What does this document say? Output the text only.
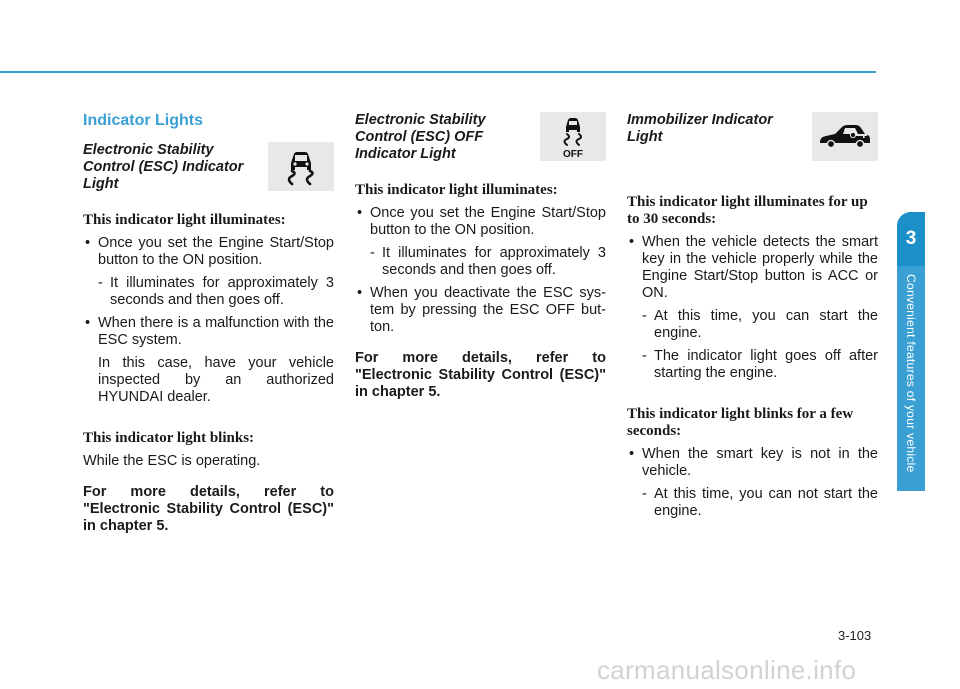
Indicator Lights
Electronic Stability Control (ESC) Indicator Light
This indicator light illuminates:
• Once you set the Engine Start/Stop button to the ON position.
- It illuminates for approximately 3 seconds and then goes off.
• When there is a malfunction with the ESC system.
In this case, have your vehicle inspected by an authorized HYUNDAI dealer.
This indicator light blinks:
While the ESC is operating.
For more details, refer to "Electronic Stability Control (ESC)" in chapter 5.
Electronic Stability Control (ESC) OFF Indicator Light	OFF
This indicator light illuminates:
• Once you set the Engine Start/Stop button to the ON position.
- It illuminates for approximately 3 seconds and then goes off.
• When you deactivate the ESC sys-tem by pressing the ESC OFF but-ton.
For more details, refer to "Electronic Stability Control (ESC)" in chapter 5.
Immobilizer Indicator Light
This indicator light illuminates for up to 30 seconds:
• When the vehicle detects the smart key in the vehicle properly while the Engine Start/Stop button is ACC or ON.
- At this time, you can start the engine.
- The indicator light goes off after starting the engine.
This indicator light blinks for a few seconds:
• When the smart key is not in the vehicle.
- At this time, you can not start the engine.
3
Convenient features of your vehicle
3-103
carmanualsonline.info
